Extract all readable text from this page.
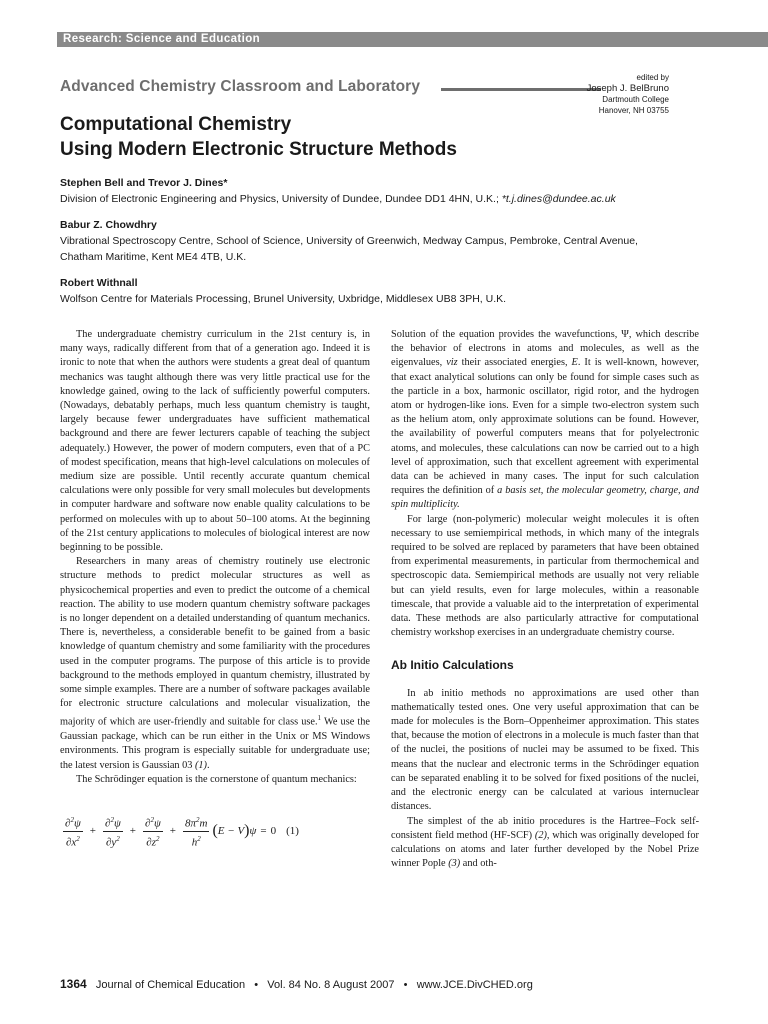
Research: Science and Education
Advanced Chemistry Classroom and Laboratory
edited by
Joseph J. BelBruno
Dartmouth College
Hanover, NH 03755
Computational Chemistry
Using Modern Electronic Structure Methods
Stephen Bell and Trevor J. Dines*
Division of Electronic Engineering and Physics, University of Dundee, Dundee DD1 4HN, U.K.; *t.j.dines@dundee.ac.uk
Babur Z. Chowdhry
Vibrational Spectroscopy Centre, School of Science, University of Greenwich, Medway Campus, Pembroke, Central Avenue, Chatham Maritime, Kent ME4 4TB, U.K.
Robert Withnall
Wolfson Centre for Materials Processing, Brunel University, Uxbridge, Middlesex UB8 3PH, U.K.

The undergraduate chemistry curriculum in the 21st century is, in many ways, radically different from that of a generation ago. Indeed it is ironic to note that when the authors were students a great deal of quantum mechanics was taught although there was very little practical use for the knowledge gained, owing to the lack of sufficiently powerful computers. (Nowadays, debatably perhaps, much less quantum chemistry is taught, largely because fewer undergraduates have sufficient mathematical background and there are fewer lecturers capable of teaching the subject adequately.) However, the power of modern computers, even that of a PC of modest specification, means that high-level calculations on molecules of medium size are possible. Until recently accurate quantum chemical calculations were only possible for very small molecules but developments in computer hardware and software now enable quality calculations to be performed on molecules with up to about 50–100 atoms. At the beginning of the 21st century applications to molecules of biological interest are now beginning to be possible.

Researchers in many areas of chemistry routinely use electronic structure methods to predict molecular structures as well as physicochemical properties and even to predict the outcome of a chemical reaction. The ability to use modern quantum chemistry software packages is no longer dependent on a detailed understanding of quantum mechanics. There is, nevertheless, a considerable benefit to be gained from a basic knowledge of quantum chemistry and some familiarity with the procedures used in the computer programs. The purpose of this article is to provide background to the methods employed in quantum chemistry, illustrated by some simple examples. There are a number of software packages available for electronic structure calculations and molecular visualization, the majority of which are user-friendly and suitable for class use.$^1$ We use the Gaussian package, which can be run either in the Unix or MS Windows environments. This program is especially suitable for undergraduate use; the latest version is Gaussian 03 (1).

The Schrödinger equation is the cornerstone of quantum mechanics:

$\frac{\partial^2\psi}{\partial x^2} + \frac{\partial^2\psi}{\partial y^2} + \frac{\partial^2\psi}{\partial z^2} + \frac{8\pi^2m}{h^2}$ ( E − V ) ψ = 0 (1)

Solution of the equation provides the wavefunctions, Ψ, which describe the behavior of electrons in atoms and molecules, as well as the eigenvalues, viz their associated energies, E. It is well-known, however, that exact analytical solutions can only be found for simple cases such as the particle in a box, harmonic oscillator, rigid rotor, and the hydrogen atom or hydrogen-like ions. Even for a simple two-electron system such as the helium atom, only approximate solutions can be found. However, the availability of powerful computers means that for polyelectronic atoms, and molecules, these calculations can now be carried out to a high level of approximation, such that excellent agreement with experimental data can be achieved in many cases. The input for such calculation requires the definition of a basis set, the molecular geometry, charge, and spin multiplicity.

For large (non-polymeric) molecular weight molecules it is often necessary to use semiempirical methods, in which many of the integrals required to be solved are replaced by parameters that have been obtained from experimental measurements, in particular from thermochemical and spectroscopic data. Semiempirical methods are usually not very reliable but can yield results, even for large molecules, within a reasonable timescale, that provide a valuable aid to the interpretation of experimental data. These methods are also particularly attractive for computational chemistry workshop exercises in an undergraduate chemistry course.

Ab Initio Calculations

In ab initio methods no approximations are used other than mathematically tested ones. One very useful approximation that can be made for molecules is the Born–Oppenheimer approximation. This states that, because the motion of electrons in a molecule is much faster than that of the nuclei, the positions of nuclei may be assumed to be fixed. This means that the nuclear and electronic terms in the Schrödinger equation can be separated enabling it to be solved for fixed positions of the nuclei, and the electronic energy can be calculated at various internuclear distances.

The simplest of the ab initio procedures is the Hartree–Fock self-consistent field method (HF-SCF) (2), which was originally developed for calculations on atoms and later further developed by the Nobel Prize winner Pople (3) and oth-

1364 Journal of Chemical Education • Vol. 84 No. 8 August 2007 • www.JCE.DivCHED.org
